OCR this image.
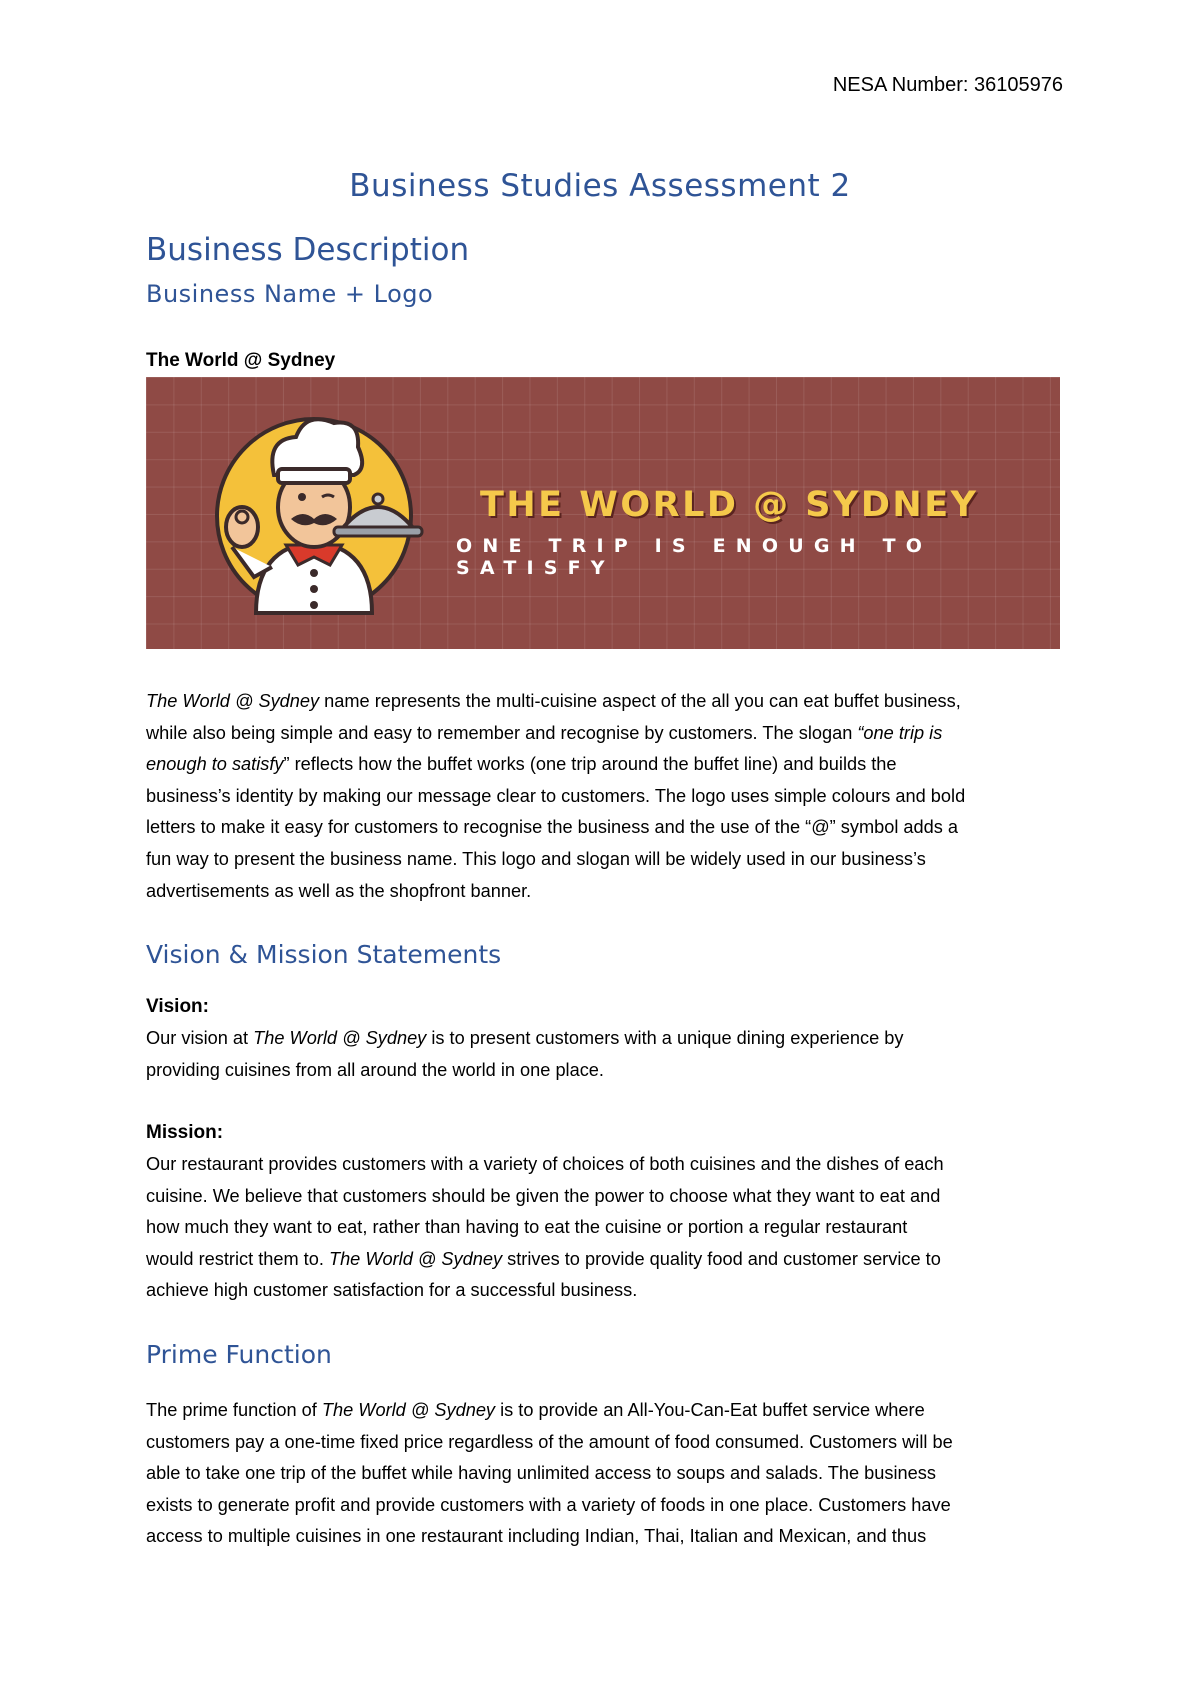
NESA Number: 36105976
Business Studies Assessment 2
Business Description
Business Name + Logo
The World @ Sydney
THE WORLD @ SYDNEY
ONE TRIP IS ENOUGH TO SATISFY
The World @ Sydney name represents the multi-cuisine aspect of the all you can eat buffet business,
while also being simple and easy to remember and recognise by customers. The slogan “one trip is
enough to satisfy” reflects how the buffet works (one trip around the buffet line) and builds the
business’s identity by making our message clear to customers. The logo uses simple colours and bold
letters to make it easy for customers to recognise the business and the use of the “@” symbol adds a
fun way to present the business name. This logo and slogan will be widely used in our business’s
advertisements as well as the shopfront banner.
Vision & Mission Statements
Vision:
Our vision at The World @ Sydney is to present customers with a unique dining experience by
providing cuisines from all around the world in one place.
Mission:
Our restaurant provides customers with a variety of choices of both cuisines and the dishes of each
cuisine. We believe that customers should be given the power to choose what they want to eat and
how much they want to eat, rather than having to eat the cuisine or portion a regular restaurant
would restrict them to. The World @ Sydney strives to provide quality food and customer service to
achieve high customer satisfaction for a successful business.
Prime Function
The prime function of The World @ Sydney is to provide an All-You-Can-Eat buffet service where
customers pay a one-time fixed price regardless of the amount of food consumed. Customers will be
able to take one trip of the buffet while having unlimited access to soups and salads. The business
exists to generate profit and provide customers with a variety of foods in one place. Customers have
access to multiple cuisines in one restaurant including Indian, Thai, Italian and Mexican, and thus
